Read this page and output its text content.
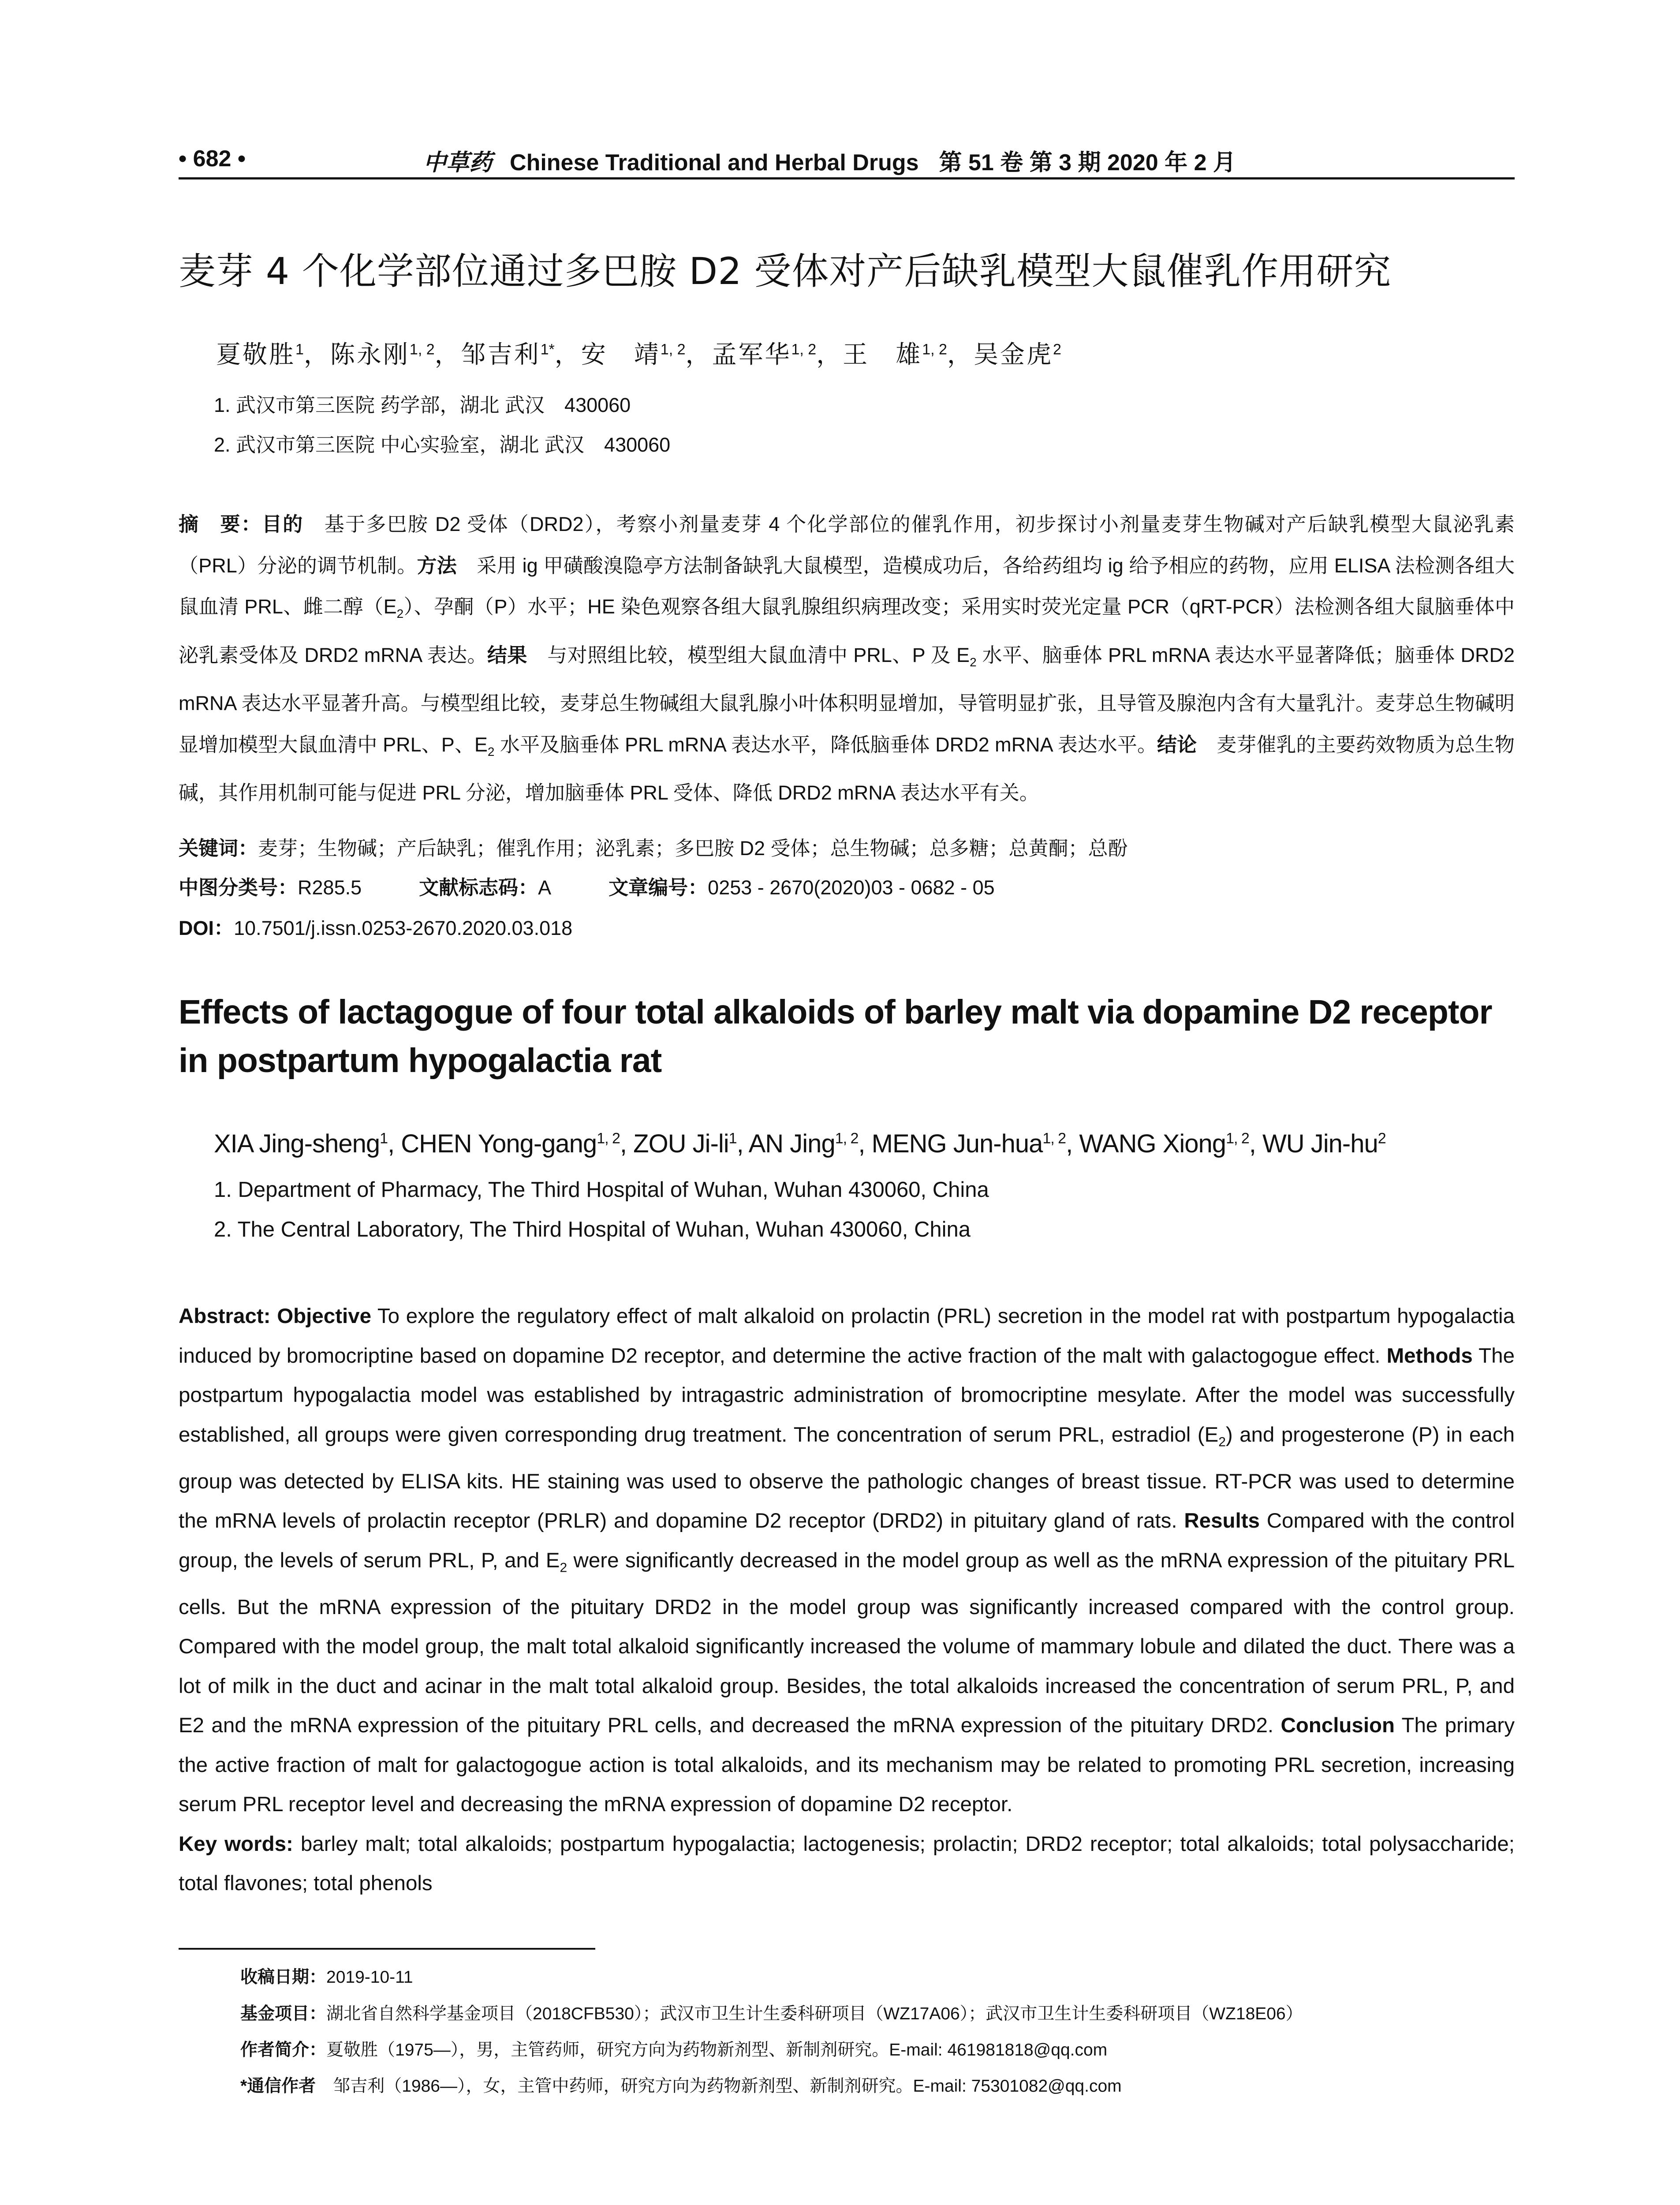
• 682 •	中草药 Chinese Traditional and Herbal Drugs 第 51 卷 第 3 期 2020 年 2 月
麦芽 4 个化学部位通过多巴胺 D2 受体对产后缺乳模型大鼠催乳作用研究
夏敬胜$^1$，陈永刚$^{1, 2}$，邹吉利$^{1*}$，安　靖$^{1, 2}$，孟军华$^{1, 2}$，王　雄$^{1, 2}$，吴金虎$^2$
1. 武汉市第三医院 药学部，湖北 武汉　430060
2. 武汉市第三医院 中心实验室，湖北 武汉　430060
摘　要：目的　基于多巴胺 D2 受体（DRD2），考察小剂量麦芽 4 个化学部位的催乳作用，初步探讨小剂量麦芽生物碱对产后缺乳模型大鼠泌乳素（PRL）分泌的调节机制。方法　采用 ig 甲磺酸溴隐亭方法制备缺乳大鼠模型，造模成功后，各给药组均 ig 给予相应的药物，应用 ELISA 法检测各组大鼠血清 PRL、雌二醇$(E_2)$、孕酮（P）水平；HE 染色观察各组大鼠乳腺组织病理改变；采用实时荧光定量 PCR（qRT-PCR）法检测各组大鼠脑垂体中泌乳素受体及 DRD2 mRNA 表达。结果　与对照组比较，模型组大鼠血清中 PRL、P 及 $E_2$ 水平、脑垂体 PRL mRNA 表达水平显著降低；脑垂体 DRD2 mRNA 表达水平显著升高。与模型组比较，麦芽总生物碱组大鼠乳腺小叶体积明显增加，导管明显扩张，且导管及腺泡内含有大量乳汁。麦芽总生物碱明显增加模型大鼠血清中 PRL、P、$E_2$ 水平及脑垂体 PRL mRNA 表达水平，降低脑垂体 DRD2 mRNA 表达水平。结论　麦芽催乳的主要药效物质为总生物碱，其作用机制可能与促进 PRL 分泌，增加脑垂体 PRL 受体、降低 DRD2 mRNA 表达水平有关。
关键词：麦芽；生物碱；产后缺乳；催乳作用；泌乳素；多巴胺 D2 受体；总生物碱；总多糖；总黄酮；总酚
中图分类号：R285.5	文献标志码：A	文章编号：0253 - 2670(2020)03 - 0682 - 05
DOI：10.7501/j.issn.0253-2670.2020.03.018
Effects of lactagogue of four total alkaloids of barley malt via dopamine D2 receptor in postpartum hypogalactia rat
XIA Jing-sheng$^1$, CHEN Yong-gang$^{1, 2}$, ZOU $Ji-li^1$, AN Jing$^{1, 2}$, MENG Jun-hua$^{1, 2}$, WANG Xiong$^{1, 2}$, WU Jin-$hu^2$
1. Department of Pharmacy, The Third Hospital of Wuhan, Wuhan 430060, China
2. The Central Laboratory, The Third Hospital of Wuhan, Wuhan 430060, China
Abstract: Objective To explore the regulatory effect of malt alkaloid on prolactin (PRL) secretion in the model rat with postpartum hypogalactia induced by bromocriptine based on dopamine D2 receptor, and determine the active fraction of the malt with galactogogue effect. Methods The postpartum hypogalactia model was established by intragastric administration of bromocriptine mesylate. After the model was successfully established, all groups were given corresponding drug treatment. The concentration of serum PRL, estradiol $(E_2)$ and progesterone (P) in each group was detected by ELISA kits. HE staining was used to observe the pathologic changes of breast tissue. RT-PCR was used to determine the mRNA levels of prolactin receptor (PRLR) and dopamine D2 receptor (DRD2) in pituitary gland of rats. Results Compared with the control group, the levels of serum PRL, P, and $E_2$ were significantly decreased in the model group as well as the mRNA expression of the pituitary PRL cells. But the mRNA expression of the pituitary DRD2 in the model group was significantly increased compared with the control group. Compared with the model group, the malt total alkaloid significantly increased the volume of mammary lobule and dilated the duct. There was a lot of milk in the duct and acinar in the malt total alkaloid group. Besides, the total alkaloids increased the concentration of serum PRL, P, and E2 and the mRNA expression of the pituitary PRL cells, and decreased the mRNA expression of the pituitary DRD2. Conclusion The primary the active fraction of malt for galactogogue action is total alkaloids, and its mechanism may be related to promoting PRL secretion, increasing serum PRL receptor level and decreasing the mRNA expression of dopamine D2 receptor.
Key words: barley malt; total alkaloids; postpartum hypogalactia; lactogenesis; prolactin; DRD2 receptor; total alkaloids; total polysaccharide; total flavones; total phenols
收稿日期：2019-10-11
基金项目：湖北省自然科学基金项目（2018CFB530）；武汉市卫生计生委科研项目（WZ17A06）；武汉市卫生计生委科研项目（WZ18E06）
作者简介：夏敬胜（1975—），男，主管药师，研究方向为药物新剂型、新制剂研究。E-mail: 461981818@qq.com
*通信作者　邹吉利（1986—），女，主管中药师，研究方向为药物新剂型、新制剂研究。E-mail: 75301082@qq.com
